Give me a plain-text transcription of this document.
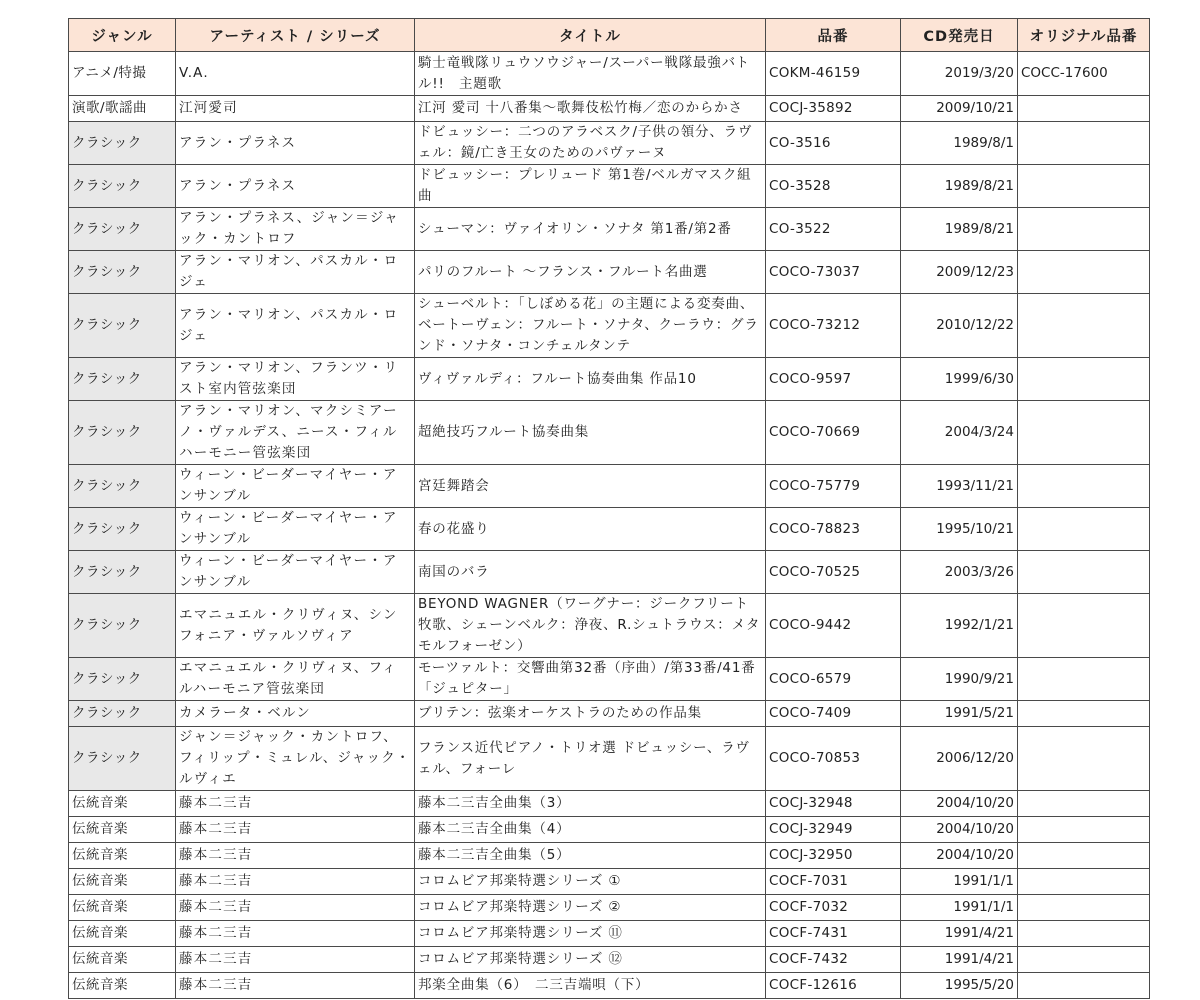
ジャンル	アーティスト / シリーズ	タイトル	品番	CD発売日	オリジナル品番
アニメ/特撮	V.A.	騎士竜戦隊リュウソウジャー/スーパー戦隊最強バトル!!　主題歌	COKM-46159	2019/3/20	COCC-17600
演歌/歌謡曲	江河愛司	江河 愛司 十八番集〜歌舞伎松竹梅／恋のからかさ	COCJ-35892	2009/10/21	
クラシック	アラン・プラネス	ドビュッシー：二つのアラベスク/子供の領分、ラヴェル：鏡/亡き王女のためのパヴァーヌ	CO-3516	1989/8/1	
クラシック	アラン・プラネス	ドビュッシー：プレリュード 第1巻/ベルガマスク組曲	CO-3528	1989/8/21	
クラシック	アラン・プラネス、ジャン＝ジャック・カントロフ	シューマン：ヴァイオリン・ソナタ 第1番/第2番	CO-3522	1989/8/21	
クラシック	アラン・マリオン、パスカル・ロジェ	パリのフルート 〜フランス・フルート名曲選	COCO-73037	2009/12/23	
クラシック	アラン・マリオン、パスカル・ロジェ	シューベルト：「しぼめる花」の主題による変奏曲、ベートーヴェン：フルート・ソナタ、クーラウ：グランド・ソナタ・コンチェルタンテ	COCO-73212	2010/12/22	
クラシック	アラン・マリオン、フランツ・リスト室内管弦楽団	ヴィヴァルディ：フルート協奏曲集 作品10	COCO-9597	1999/6/30	
クラシック	アラン・マリオン、マクシミアーノ・ヴァルデス、ニース・フィルハーモニー管弦楽団	超絶技巧フルート協奏曲集	COCO-70669	2004/3/24	
クラシック	ウィーン・ビーダーマイヤー・アンサンブル	宮廷舞踏会	COCO-75779	1993/11/21	
クラシック	ウィーン・ビーダーマイヤー・アンサンブル	春の花盛り	COCO-78823	1995/10/21	
クラシック	ウィーン・ビーダーマイヤー・アンサンブル	南国のバラ	COCO-70525	2003/3/26	
クラシック	エマニュエル・クリヴィヌ、シンフォニア・ヴァルソヴィア	BEYOND WAGNER（ワーグナー：ジークフリート牧歌、シェーンベルク：浄夜、R.シュトラウス：メタモルフォーゼン）	COCO-9442	1992/1/21	
クラシック	エマニュエル・クリヴィヌ、フィルハーモニア管弦楽団	モーツァルト：交響曲第32番（序曲）/第33番/41番「ジュピター」	COCO-6579	1990/9/21	
クラシック	カメラータ・ベルン	ブリテン：弦楽オーケストラのための作品集	COCO-7409	1991/5/21	
クラシック	ジャン＝ジャック・カントロフ、フィリップ・ミュレル、ジャック・ルヴィエ	フランス近代ピアノ・トリオ選 ドビュッシー、ラヴェル、フォーレ	COCO-70853	2006/12/20	
伝統音楽	藤本二三吉	藤本二三吉全曲集（3）	COCJ-32948	2004/10/20	
伝統音楽	藤本二三吉	藤本二三吉全曲集（4）	COCJ-32949	2004/10/20	
伝統音楽	藤本二三吉	藤本二三吉全曲集（5）	COCJ-32950	2004/10/20	
伝統音楽	藤本二三吉	コロムビア邦楽特選シリーズ ①	COCF-7031	1991/1/1	
伝統音楽	藤本二三吉	コロムビア邦楽特選シリーズ ②	COCF-7032	1991/1/1	
伝統音楽	藤本二三吉	コロムビア邦楽特選シリーズ ⑪	COCF-7431	1991/4/21	
伝統音楽	藤本二三吉	コロムビア邦楽特選シリーズ ⑫	COCF-7432	1991/4/21	
伝統音楽	藤本二三吉	邦楽全曲集（6）　二三吉端唄（下）	COCF-12616	1995/5/20	
